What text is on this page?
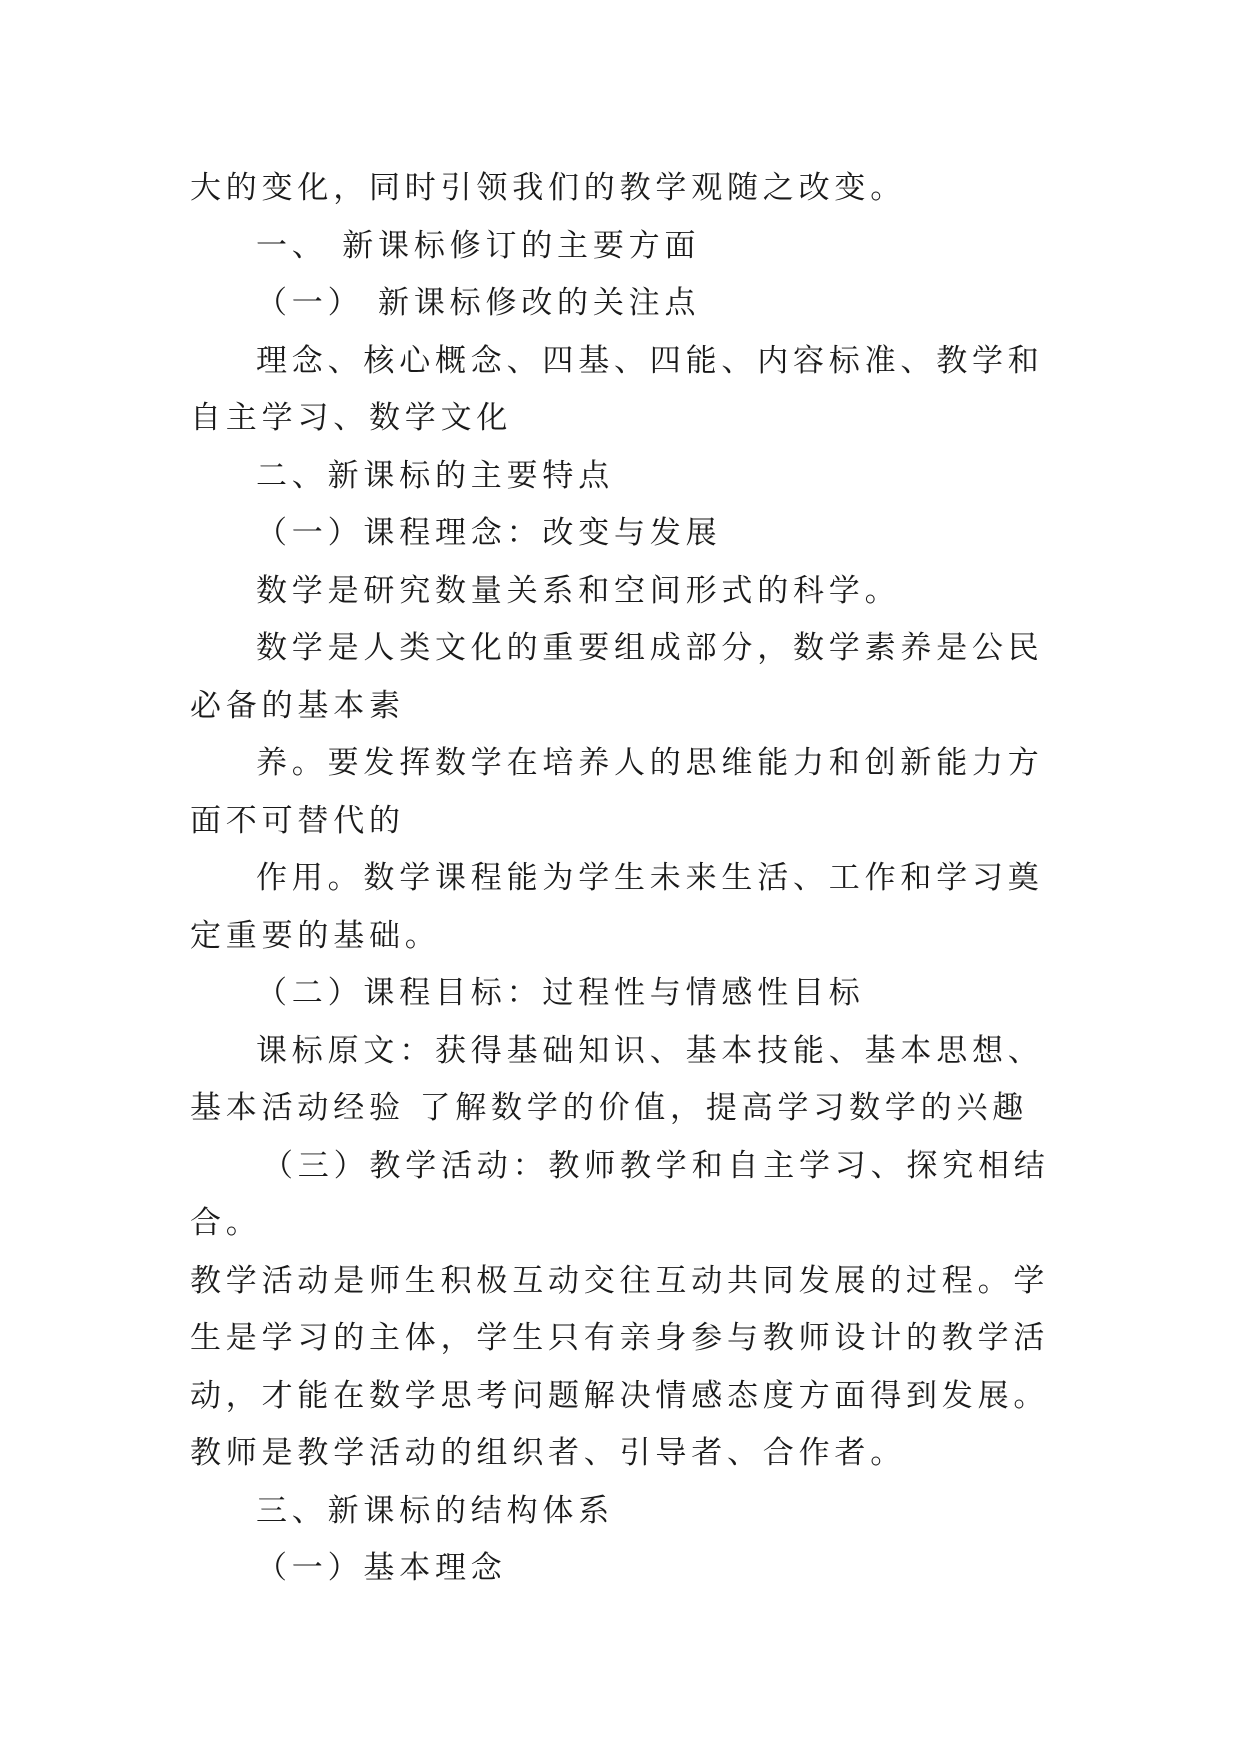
大的变化，同时引领我们的教学观随之改变。

一、 新课标修订的主要方面

（一） 新课标修改的关注点

理念、核心概念、四基、四能、内容标准、教学和自主学习、数学文化

二、新课标的主要特点

（一）课程理念：改变与发展

数学是研究数量关系和空间形式的科学。

数学是人类文化的重要组成部分，数学素养是公民必备的基本素

养。要发挥数学在培养人的思维能力和创新能力方面不可替代的

作用。数学课程能为学生未来生活、工作和学习奠定重要的基础。

（二）课程目标：过程性与情感性目标

课标原文：获得基础知识、基本技能、基本思想、基本活动经验 了解数学的价值，提高学习数学的兴趣

（三）教学活动：教师教学和自主学习、探究相结合。

教学活动是师生积极互动交往互动共同发展的过程。学生是学习的主体，学生只有亲身参与教师设计的教学活动，才能在数学思考问题解决情感态度方面得到发展。教师是教学活动的组织者、引导者、合作者。

三、新课标的结构体系

（一）基本理念
